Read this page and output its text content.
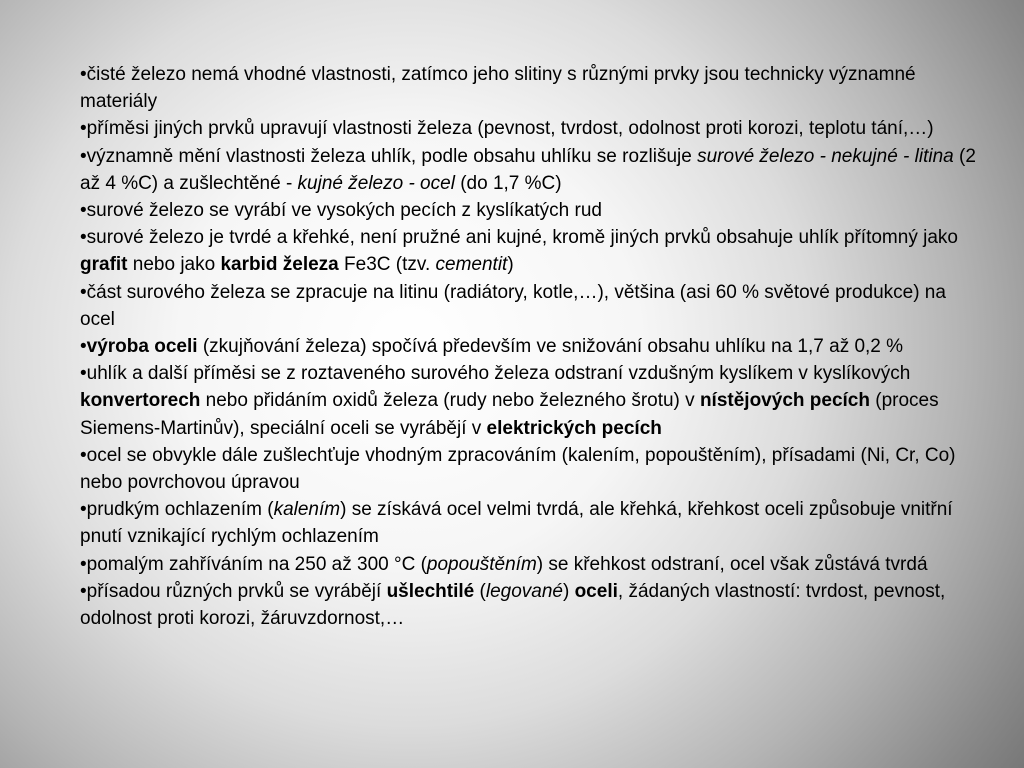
•čisté železo nemá vhodné vlastnosti, zatímco jeho slitiny s různými prvky jsou technicky významné materiály

•příměsi jiných prvků upravují vlastnosti železa (pevnost, tvrdost, odolnost proti korozi, teplotu tání,…)

•významně mění vlastnosti železa uhlík, podle obsahu uhlíku se rozlišuje surové železo - nekujné - litina (2 až 4 %C) a zušlechtěné - kujné železo - ocel (do 1,7 %C)

•surové železo se vyrábí ve vysokých pecích z kyslíkatých rud

•surové železo je tvrdé a křehké, není pružné ani kujné, kromě jiných prvků obsahuje uhlík přítomný jako grafit nebo jako karbid železa Fe3C (tzv. cementit)

•část surového železa se zpracuje na litinu (radiátory, kotle,…), většina (asi 60 % světové produkce) na ocel

•výroba oceli (zkujňování železa) spočívá především ve snižování obsahu uhlíku na 1,7 až 0,2 %

•uhlík a další příměsi se z roztaveného surového železa odstraní vzdušným kyslíkem v kyslíkových konvertorech nebo přidáním oxidů železa (rudy nebo železného šrotu) v nístějových pecích (proces Siemens-Martinův), speciální oceli se vyrábějí v elektrických pecích

•ocel se obvykle dále zušlechťuje vhodným zpracováním (kalením, popouštěním), přísadami (Ni, Cr, Co) nebo povrchovou úpravou

•prudkým ochlazením (kalením) se získává ocel velmi tvrdá, ale křehká, křehkost oceli způsobuje vnitřní pnutí vznikající rychlým ochlazením

•pomalým zahříváním na 250 až 300 °C (popouštěním) se křehkost odstraní, ocel však zůstává tvrdá

•přísadou různých prvků se vyrábějí ušlechtilé (legované) oceli, žádaných vlastností: tvrdost, pevnost, odolnost proti korozi, žáruvzdornost,…
